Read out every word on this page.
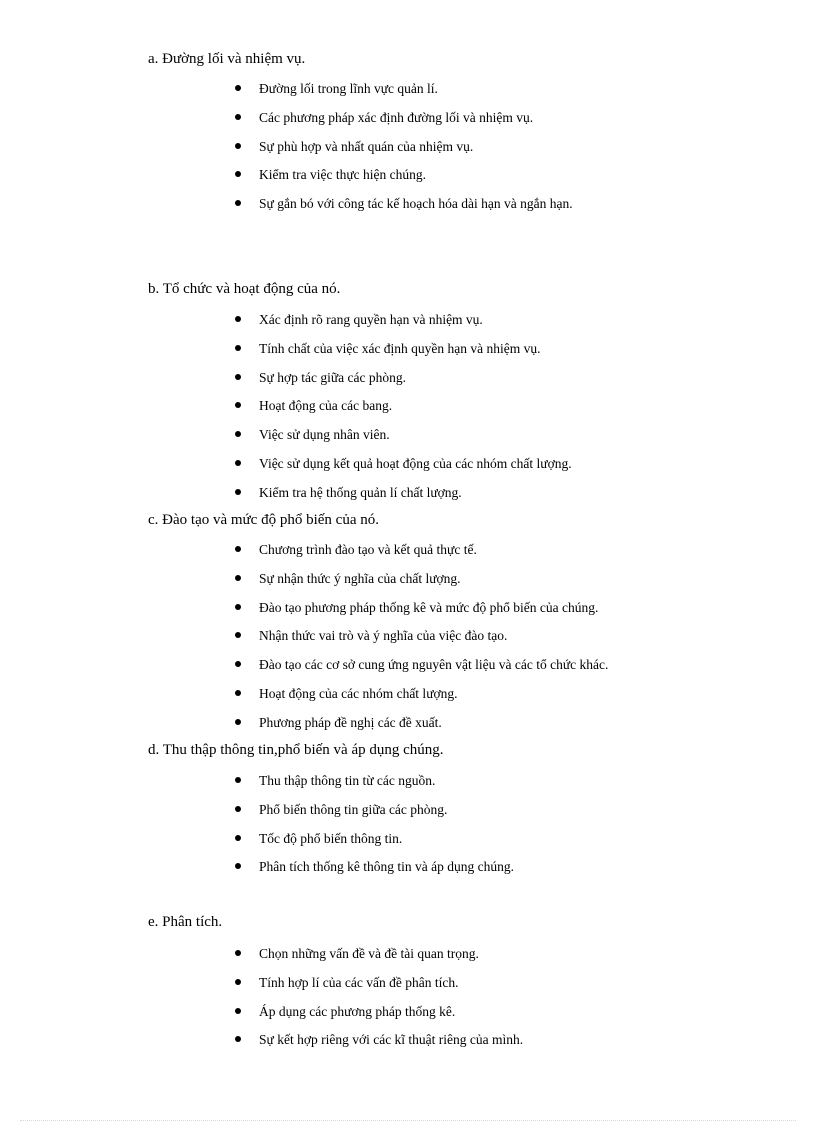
a. Đường lối và nhiệm vụ.
Đường lối trong lĩnh vực quản lí.
Các phương pháp xác định đường lối và nhiệm vụ.
Sự phù hợp và nhất quán của nhiệm vụ.
Kiểm tra việc thực hiện chúng.
Sự gắn bó với công tác kế hoạch hóa dài hạn và ngắn hạn.
b. Tổ chức và hoạt động của nó.
Xác định rõ rang quyền hạn và nhiệm vụ.
Tính chất của việc xác định quyền hạn và nhiệm vụ.
Sự hợp tác giữa các phòng.
Hoạt động của các bang.
Việc sử dụng nhân viên.
Việc sử dụng kết quả hoạt động của các nhóm chất lượng.
Kiểm tra hệ thống quản lí chất lượng.
c. Đào tạo và mức độ phổ biến của nó.
Chương trình đào tạo và kết quả thực tế.
Sự nhận thức ý nghĩa của chất lượng.
Đào tạo phương pháp thống kê và mức độ phổ biến của chúng.
Nhận thức vai trò và ý nghĩa của việc đào tạo.
Đào tạo các cơ sở cung ứng nguyên vật liệu và các tổ chức khác.
Hoạt động của các nhóm chất lượng.
Phương pháp đề nghị các đề xuất.
d. Thu thập thông tin,phổ biến và áp dụng chúng.
Thu thập thông tin từ các nguồn.
Phổ biến thông tin giữa các phòng.
Tốc độ phổ biến thông tin.
Phân tích thống kê thông tin và áp dụng chúng.
e. Phân tích.
Chọn những vấn đề và đề tài quan trọng.
Tính hợp lí của các vấn đề phân tích.
Áp dụng các phương pháp thống kê.
Sự kết hợp riêng với các kĩ thuật riêng của mình.
